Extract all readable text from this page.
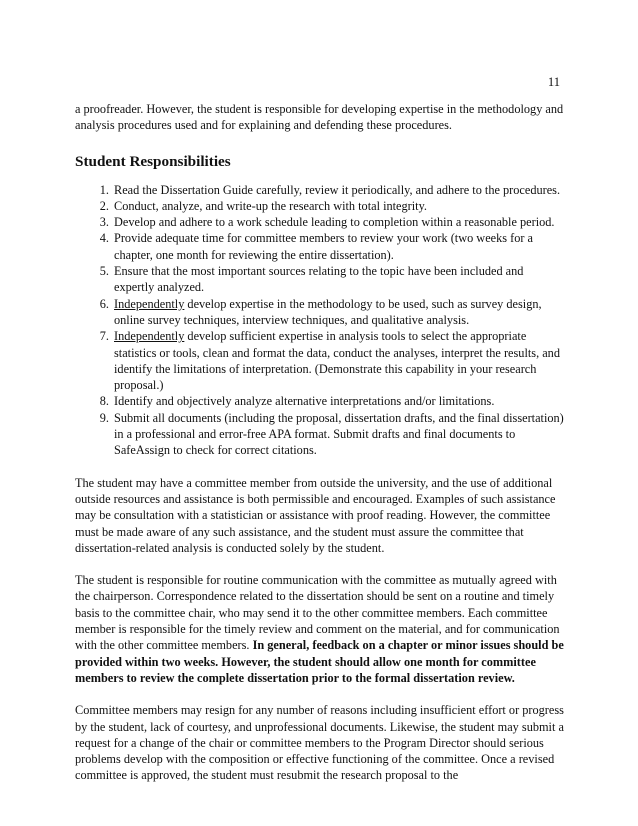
11

a proofreader. However, the student is responsible for developing expertise in the methodology and analysis procedures used and for explaining and defending these procedures.

Student Responsibilities
1. Read the Dissertation Guide carefully, review it periodically, and adhere to the procedures.
2. Conduct, analyze, and write-up the research with total integrity.
3. Develop and adhere to a work schedule leading to completion within a reasonable period.
4. Provide adequate time for committee members to review your work (two weeks for a chapter, one month for reviewing the entire dissertation).
5. Ensure that the most important sources relating to the topic have been included and expertly analyzed.
6. Independently develop expertise in the methodology to be used, such as survey design, online survey techniques, interview techniques, and qualitative analysis.
7. Independently develop sufficient expertise in analysis tools to select the appropriate statistics or tools, clean and format the data, conduct the analyses, interpret the results, and identify the limitations of interpretation. (Demonstrate this capability in your research proposal.)
8. Identify and objectively analyze alternative interpretations and/or limitations.
9. Submit all documents (including the proposal, dissertation drafts, and the final dissertation) in a professional and error-free APA format. Submit drafts and final documents to SafeAssign to check for correct citations.

The student may have a committee member from outside the university, and the use of additional outside resources and assistance is both permissible and encouraged. Examples of such assistance may be consultation with a statistician or assistance with proof reading. However, the committee must be made aware of any such assistance, and the student must assure the committee that dissertation-related analysis is conducted solely by the student.

The student is responsible for routine communication with the committee as mutually agreed with the chairperson. Correspondence related to the dissertation should be sent on a routine and timely basis to the committee chair, who may send it to the other committee members. Each committee member is responsible for the timely review and comment on the material, and for communication with the other committee members. In general, feedback on a chapter or minor issues should be provided within two weeks. However, the student should allow one month for committee members to review the complete dissertation prior to the formal dissertation review.

Committee members may resign for any number of reasons including insufficient effort or progress by the student, lack of courtesy, and unprofessional documents. Likewise, the student may submit a request for a change of the chair or committee members to the Program Director should serious problems develop with the composition or effective functioning of the committee. Once a revised committee is approved, the student must resubmit the research proposal to the
